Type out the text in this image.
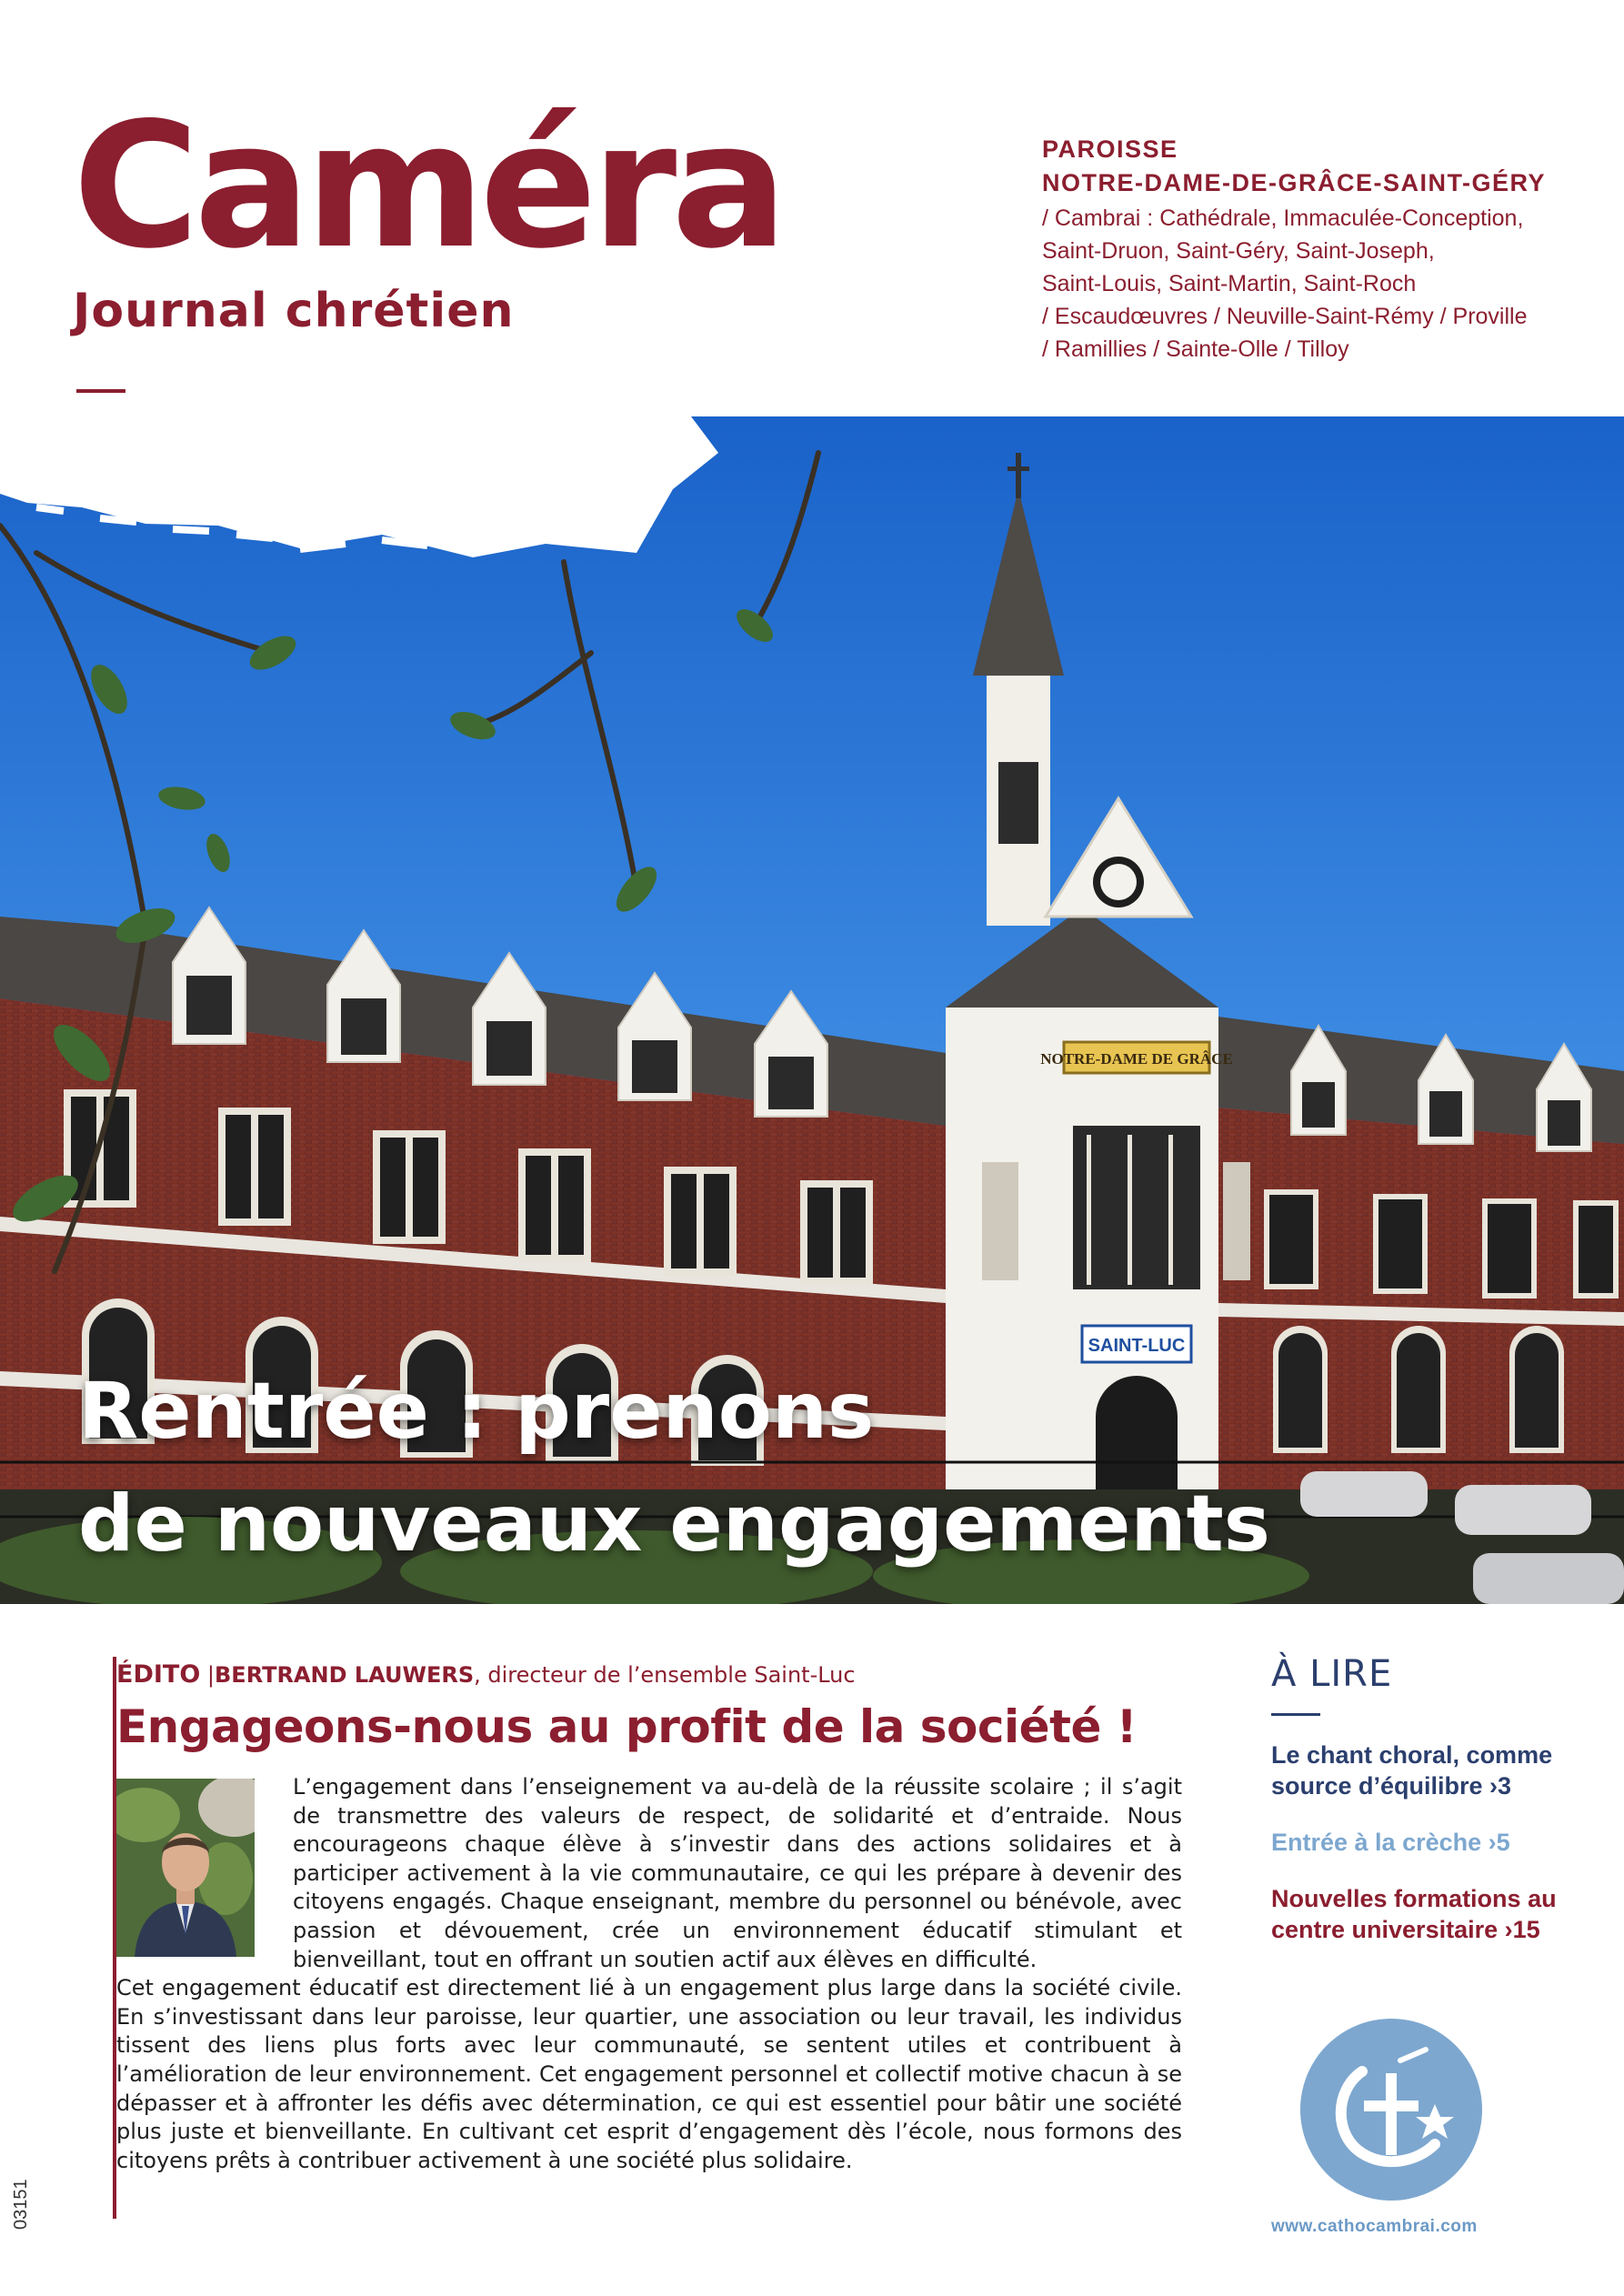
Caméra
Journal chrétien
PAROISSE
NOTRE-DAME-DE-GRÂCE-SAINT-GÉRY
/ Cambrai : Cathédrale, Immaculée-Conception,
Saint-Druon, Saint-Géry, Saint-Joseph,
Saint-Louis, Saint-Martin, Saint-Roch
/ Escaudœuvres / Neuville-Saint-Rémy / Proville
/ Ramillies / Sainte-Olle / Tilloy
NOTRE-DAME DE GRÂCE
SAINT-LUC
Rentrée : prenons
de nouveaux engagements
ÉDITO |BERTRAND LAUWERS, directeur de l’ensemble Saint-Luc
Engageons-nous au profit de la société !

L’engagement dans l’enseignement va au-delà de la réussite scolaire ; il s’agit de transmettre des valeurs de respect, de solidarité et d’entraide. Nous encourageons chaque élève à s’investir dans des actions solidaires et à participer activement à la vie communautaire, ce qui les prépare à devenir des citoyens engagés. Chaque enseignant, membre du personnel ou bénévole, avec passion et dévouement, crée un environnement éducatif stimulant et bienveillant, tout en offrant un soutien actif aux élèves en difficulté.

Cet engagement éducatif est directement lié à un engagement plus large dans la société civile. En s’investissant dans leur paroisse, leur quartier, une association ou leur travail, les individus tissent des liens plus forts avec leur communauté, se sentent utiles et contribuent à l’amélioration de leur environnement. Cet engagement personnel et collectif motive chacun à se dépasser et à affronter les défis avec détermination, ce qui est essentiel pour bâtir une société plus juste et bienveillante. En cultivant cet esprit d’engagement dès l’école, nous formons des citoyens prêts à contribuer activement à une société plus solidaire.

À LIRE
Le chant choral, comme source d’équilibre ›3
Entrée à la crèche ›5
Nouvelles formations au centre universitaire ›15
www.cathocambrai.com
03151
